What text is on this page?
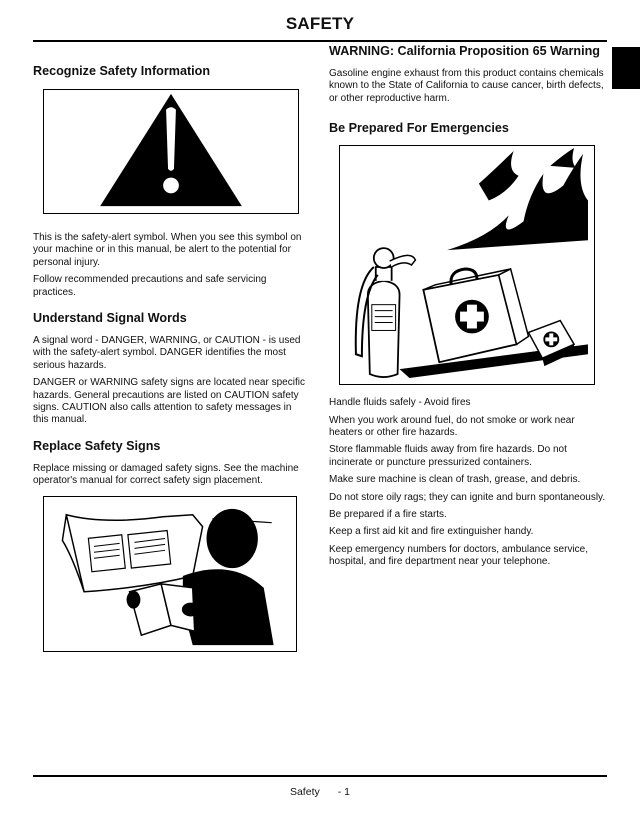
SAFETY
Recognize Safety Information

This is the safety-alert symbol. When you see this symbol on your machine or in this manual, be alert to the potential for personal injury.

Follow recommended precautions and safe servicing practices.

Understand Signal Words

A signal word - DANGER, WARNING, or CAUTION - is used with the safety-alert symbol. DANGER identifies the most serious hazards.

DANGER or WARNING safety signs are located near specific hazards. General precautions are listed on CAUTION safety signs. CAUTION also calls attention to safety messages in this manual.

Replace Safety Signs

Replace missing or damaged safety signs. See the machine operator's manual for correct safety sign placement.

WARNING: California Proposition 65 Warning

Gasoline engine exhaust from this product contains chemicals known to the State of California to cause cancer, birth defects, or other reproductive harm.

Be Prepared For Emergencies

Handle fluids safely - Avoid fires

When you work around fuel, do not smoke or work near heaters or other fire hazards.

Store flammable fluids away from fire hazards. Do not incinerate or puncture pressurized containers.

Make sure machine is clean of trash, grease, and debris.

Do not store oily rags; they can ignite and burn spontaneously.

Be prepared if a fire starts.

Keep a first aid kit and fire extinguisher handy.

Keep emergency numbers for doctors, ambulance service, hospital, and fire department near your telephone.

Safety - 1
